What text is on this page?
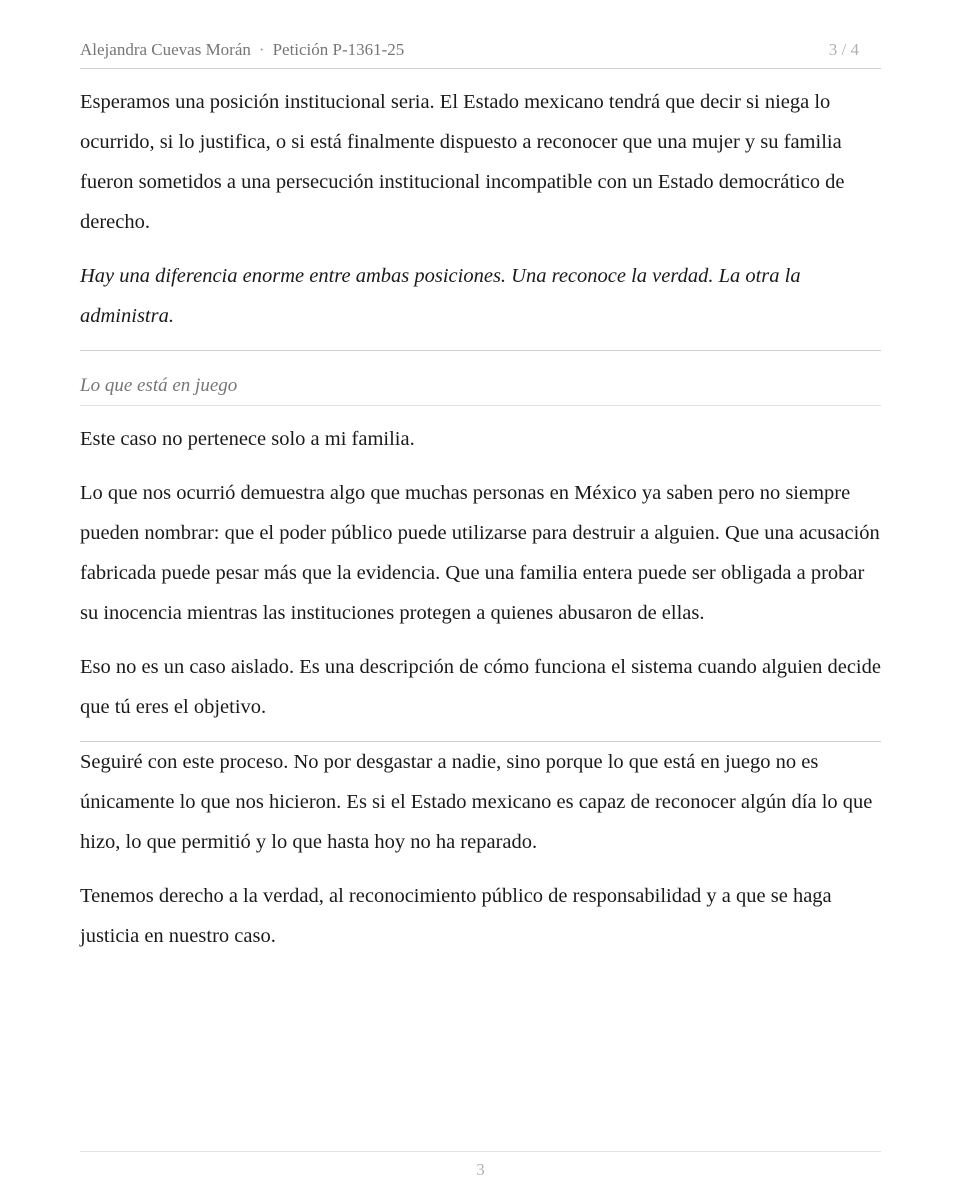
Alejandra Cuevas Morán · Petición P-1361-25	3 / 4

Esperamos una posición institucional seria. El Estado mexicano tendrá que decir si niega lo ocurrido, si lo justifica, o si está finalmente dispuesto a reconocer que una mujer y su familia fueron sometidos a una persecución institucional incompatible con un Estado democrático de derecho.

Hay una diferencia enorme entre ambas posiciones. Una reconoce la verdad. La otra la administra.

Lo que está en juego

Este caso no pertenece solo a mi familia.

Lo que nos ocurrió demuestra algo que muchas personas en México ya saben pero no siempre pueden nombrar: que el poder público puede utilizarse para destruir a alguien. Que una acusación fabricada puede pesar más que la evidencia. Que una familia entera puede ser obligada a probar su inocencia mientras las instituciones protegen a quienes abusaron de ellas.

Eso no es un caso aislado. Es una descripción de cómo funciona el sistema cuando alguien decide que tú eres el objetivo.

Seguiré con este proceso. No por desgastar a nadie, sino porque lo que está en juego no es únicamente lo que nos hicieron. Es si el Estado mexicano es capaz de reconocer algún día lo que hizo, lo que permitió y lo que hasta hoy no ha reparado.

Tenemos derecho a la verdad, al reconocimiento público de responsabilidad y a que se haga justicia en nuestro caso.

3
